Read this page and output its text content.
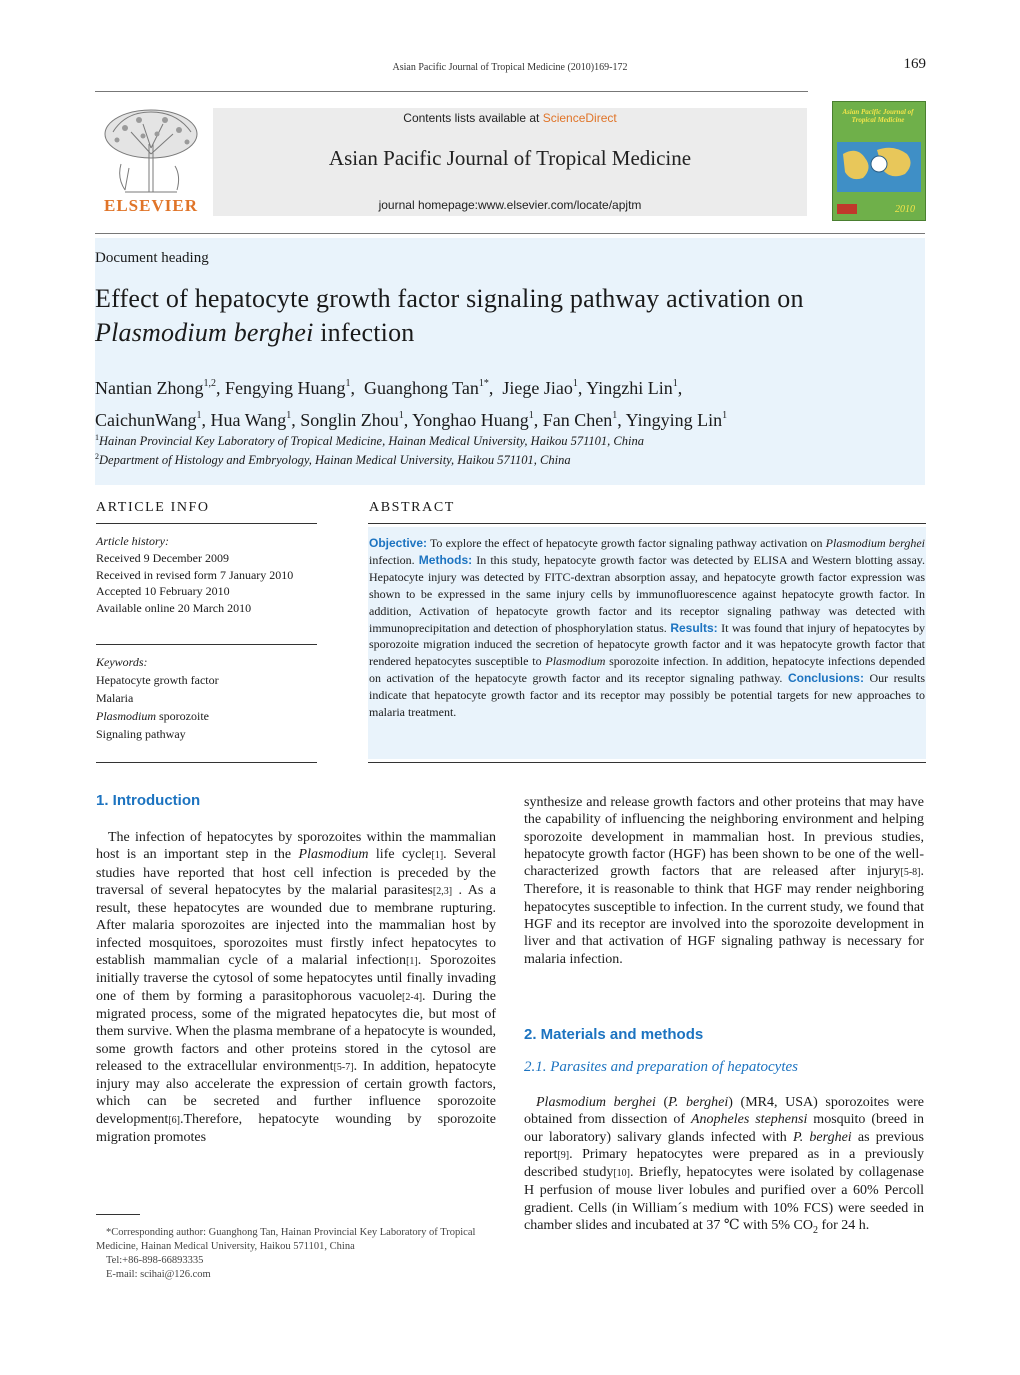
Asian Pacific Journal of Tropical Medicine (2010)169-172	169
ELSEVIER
Contents lists available at ScienceDirect
Asian Pacific Journal of Tropical Medicine
journal homepage:www.elsevier.com/locate/apjtm	2010
Asian Pacific Journal of Tropical Medicine
Document heading
Effect of hepatocyte growth factor signaling pathway activation on
Plasmodium berghei infection
Nantian Zhong$^{1,2}$, Fengying Huang$^1$,  Guanghong Tan$^{1*}$,  Jiege Jiao$^1$, Yingzhi Lin$^1$,
CaichunWang$^1$, Hua Wang$^1$, Songlin Zhou$^1$, Yonghao Huang$^1$, Fan Chen$^1$, Yingying Lin$^1$
$^1$Hainan Provincial Key Laboratory of Tropical Medicine, Hainan Medical University, Haikou 571101, China
$^2$Department of Histology and Embryology, Hainan Medical University, Haikou 571101, China
ARTICLE INFO
Article history:
Received 9 December 2009
Received in revised form 7 January 2010
Accepted 10 February 2010
Available online 20 March 2010
Keywords:
Hepatocyte growth factor
Malaria
Plasmodium sporozoite
Signaling pathway
ABSTRACT
Objective: To explore the effect of hepatocyte growth factor signaling pathway activation on Plasmodium berghei infection. Methods: In this study, hepatocyte growth factor was detected by ELISA and Western blotting assay. Hepatocyte injury was detected by FITC-dextran absorption assay, and hepatocyte growth factor expression was shown to be expressed in the same injury cells by immunofluorescence against hepatocyte growth factor. In addition, Activation of hepatocyte growth factor and its receptor signaling pathway was detected with immunoprecipitation and detection of phosphorylation status. Results: It was found that injury of hepatocytes by sporozoite migration induced the secretion of hepatocyte growth factor and it was hepatocyte growth factor that rendered hepatocytes susceptible to Plasmodium sporozoite infection. In addition, hepatocyte infections depended on activation of the hepatocyte growth factor and its receptor signaling pathway. Conclusions: Our results indicate that hepatocyte growth factor and its receptor may possibly be potential targets for new approaches to malaria treatment.
1. Introduction

The infection of hepatocytes by sporozoites within the mammalian host is an important step in the Plasmodium life cycle[1]. Several studies have reported that host cell infection is preceded by the traversal of several hepatocytes by the malarial parasites[2,3] . As a result, these hepatocytes are wounded due to membrane rupturing. After malaria sporozoites are injected into the mammalian host by infected mosquitoes, sporozoites must firstly infect hepatocytes to establish mammalian cycle of a malarial infection[1]. Sporozoites initially traverse the cytosol of some hepatocytes until finally invading one of them by forming a parasitophorous vacuole[2-4]. During the migrated process, some of the migrated hepatocytes die, but most of them survive. When the plasma membrane of a hepatocyte is wounded, some growth factors and other proteins stored in the cytosol are released to the extracellular environment[5-7]. In addition, hepatocyte injury may also accelerate the expression of certain growth factors, which can be secreted and further influence sporozoite development[6].Therefore, hepatocyte wounding by sporozoite migration promotes

*Corresponding author: Guanghong Tan, Hainan Provincial Key Laboratory of Tropical Medicine, Hainan Medical University, Haikou 571101, China
Tel:+86-898-66893335
E-mail: scihai@126.com

synthesize and release growth factors and other proteins that may have the capability of influencing the neighboring environment and helping sporozoite development in mammalian host. In previous studies, hepatocyte growth factor (HGF) has been shown to be one of the well-characterized growth factors that are released after injury[5-8]. Therefore, it is reasonable to think that HGF may render neighboring hepatocytes susceptible to infection. In the current study, we found that HGF and its receptor are involved into the sporozoite development in liver and that activation of HGF signaling pathway is necessary for malaria infection.

2. Materials and methods
2.1. Parasites and preparation of hepatocytes

Plasmodium berghei (P. berghei) (MR4, USA) sporozoites were obtained from dissection of Anopheles stephensi mosquito (breed in our laboratory) salivary glands infected with P. berghei as previous report[9]. Primary hepatocytes were prepared as in a previously described study[10]. Briefly, hepatocytes were isolated by collagenase H perfusion of mouse liver lobules and purified over a 60% Percoll gradient. Cells (in William´s medium with 10% FCS) were seeded in chamber slides and incubated at 37 ℃ with 5% $CO_2$ for 24 h.
